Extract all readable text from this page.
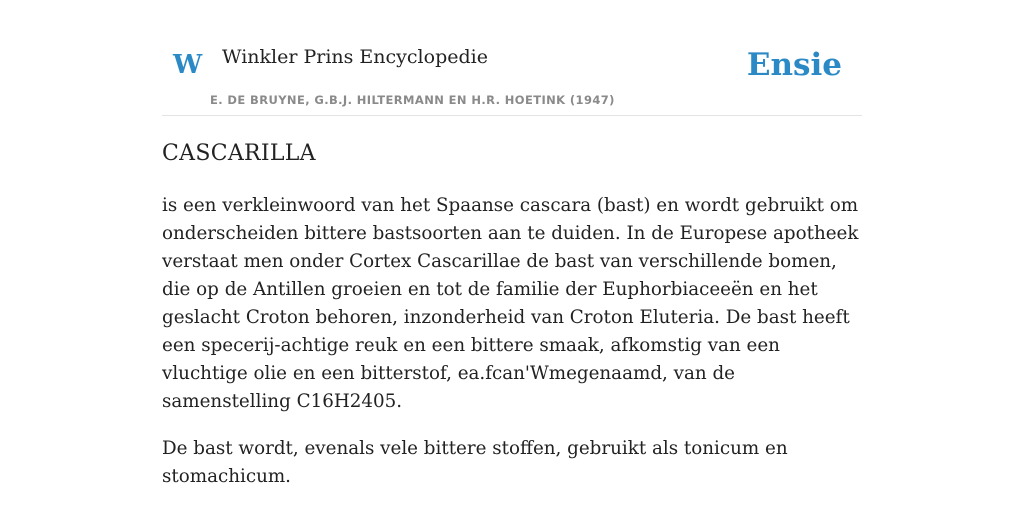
W Winkler Prins Encyclopedie
E. DE BRUYNE, G.B.J. HILTERMANN EN H.R. HOETINK (1947)
Ensie
CASCARILLA

is een verkleinwoord van het Spaanse cascara (bast) en wordt gebruikt om onderscheiden bittere bastsoorten aan te duiden. In de Europese apotheek verstaat men onder Cortex Cascarillae de bast van verschillende bomen, die op de Antillen groeien en tot de familie der Euphorbiaceeën en het geslacht Croton behoren, inzonderheid van Croton Eluteria. De bast heeft een specerij-achtige reuk en een bittere smaak, afkomstig van een vluchtige olie en een bitterstof, ea.fcan'Wmegenaamd, van de samenstelling C16H2405.

De bast wordt, evenals vele bittere stoffen, gebruikt als tonicum en stomachicum.
